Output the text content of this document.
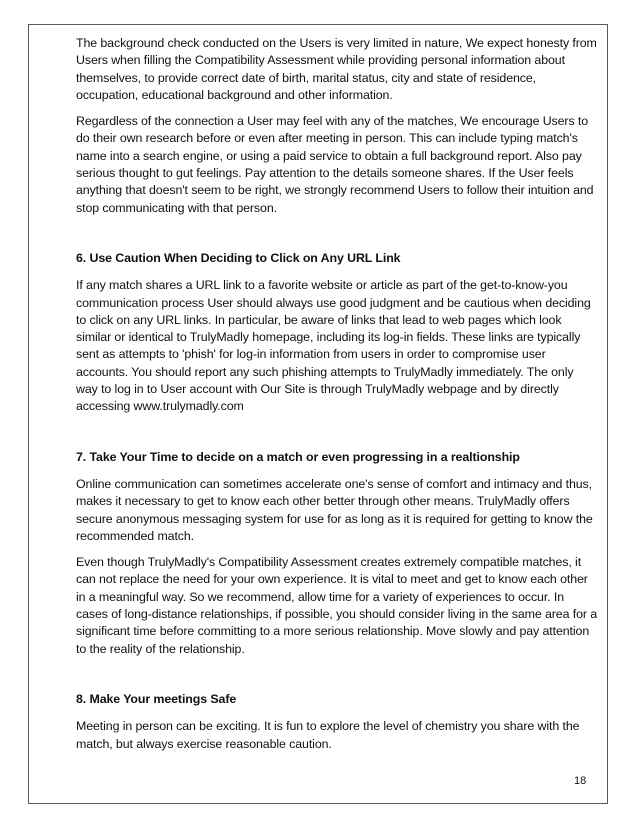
The background check conducted on the Users is very limited in nature, We expect honesty from Users when filling the Compatibility Assessment while providing personal information about themselves, to provide correct date of birth, marital status, city and state of residence, occupation, educational background and other information.

Regardless of the connection a User may feel with any of the matches, We encourage Users to do their own research before or even after meeting in person. This can include typing match's name into a search engine, or using a paid service to obtain a full background report. Also pay serious thought to gut feelings. Pay attention to the details someone shares. If the User feels anything that doesn't seem to be right, we strongly recommend Users to follow their intuition and stop communicating with that person.

6. Use Caution When Deciding to Click on Any URL Link

If any match shares a URL link to a favorite website or article as part of the get-to-know-you communication process User should always use good judgment and be cautious when deciding to click on any URL links. In particular, be aware of links that lead to web pages which look similar or identical to TrulyMadly homepage, including its log-in fields. These links are typically sent as attempts to 'phish' for log-in information from users in order to compromise user accounts. You should report any such phishing attempts to TrulyMadly immediately. The only way to log in to User account with Our Site is through TrulyMadly webpage and by directly accessing www.trulymadly.com

7. Take Your Time to decide on a match or even progressing in a realtionship

Online communication can sometimes accelerate one's sense of comfort and intimacy and thus, makes it necessary to get to know each other better through other means. TrulyMadly offers secure anonymous messaging system for use for as long as it is required for getting to know the recommended match.

Even though TrulyMadly's Compatibility Assessment creates extremely compatible matches, it can not replace the need for your own experience. It is vital to meet and get to know each other in a meaningful way. So we recommend, allow time for a variety of experiences to occur. In cases of long-distance relationships, if possible, you should consider living in the same area for a significant time before committing to a more serious relationship. Move slowly and pay attention to the reality of the relationship.

8. Make Your meetings Safe

Meeting in person can be exciting. It is fun to explore the level of chemistry you share with the match, but always exercise reasonable caution.

18
